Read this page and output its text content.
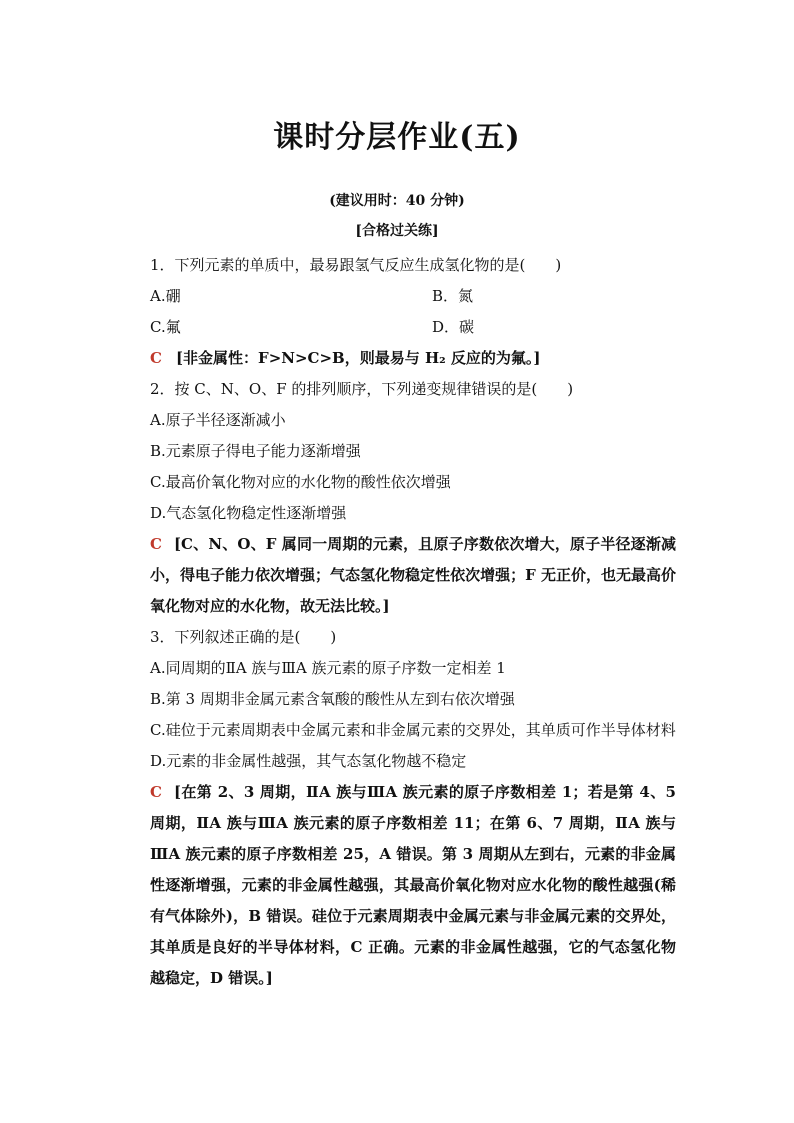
课时分层作业(五)
(建议用时：40 分钟)
[合格过关练]
1．下列元素的单质中，最易跟氢气反应生成氢化物的是(　　)
A.硼	B．氮
C.氟	D．碳
C [非金属性：F>N>C>B，则最易与 H₂ 反应的为氟。]
2．按 C、N、O、F 的排列顺序，下列递变规律错误的是(　　)
A.原子半径逐渐减小
B.元素原子得电子能力逐渐增强
C.最高价氧化物对应的水化物的酸性依次增强
D.气态氢化物稳定性逐渐增强
C [C、N、O、F 属同一周期的元素，且原子序数依次增大，原子半径逐渐减小，得电子能力依次增强；气态氢化物稳定性依次增强；F 无正价，也无最高价氧化物对应的水化物，故无法比较。]
3．下列叙述正确的是(　　)
A.同周期的ⅡA 族与ⅢA 族元素的原子序数一定相差 1
B.第 3 周期非金属元素含氧酸的酸性从左到右依次增强
C.硅位于元素周期表中金属元素和非金属元素的交界处，其单质可作半导体材料
D.元素的非金属性越强，其气态氢化物越不稳定
C [在第 2、3 周期，ⅡA 族与ⅢA 族元素的原子序数相差 1；若是第 4、5 周期，ⅡA 族与ⅢA 族元素的原子序数相差 11；在第 6、7 周期，ⅡA 族与ⅢA 族元素的原子序数相差 25，A 错误。第 3 周期从左到右，元素的非金属性逐渐增强，元素的非金属性越强，其最高价氧化物对应水化物的酸性越强(稀有气体除外)，B 错误。硅位于元素周期表中金属元素与非金属元素的交界处，其单质是良好的半导体材料，C 正确。元素的非金属性越强，它的气态氢化物越稳定，D 错误。]
